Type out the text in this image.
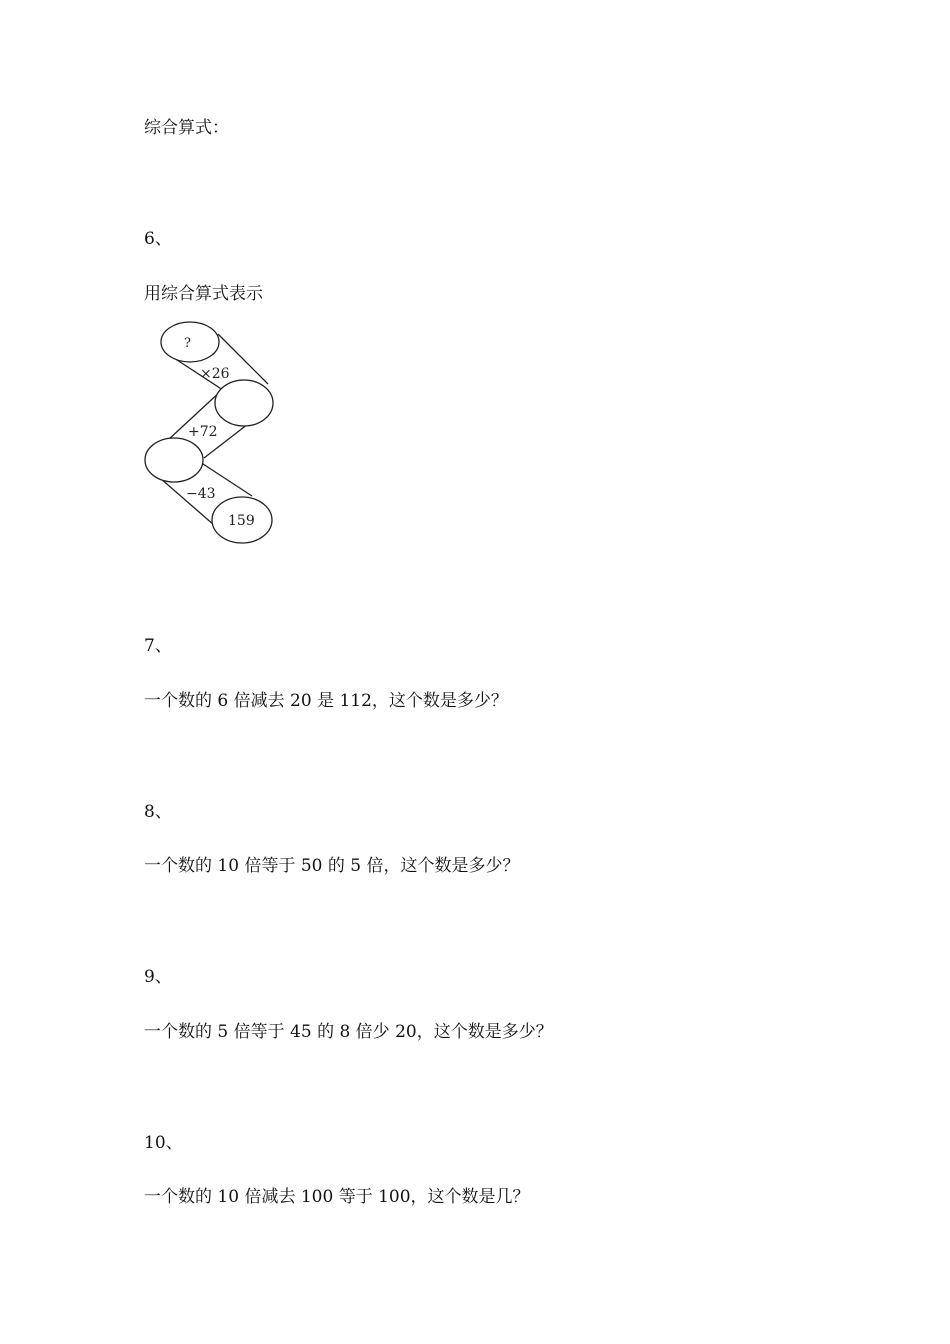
综合算式：
6、
用综合算式表示
?
×26
+72
−43
159
7、
一个数的 6 倍减去 20 是 112，这个数是多少？
8、
一个数的 10 倍等于 50 的 5 倍，这个数是多少？
9、
一个数的 5 倍等于 45 的 8 倍少 20，这个数是多少？
10、
一个数的 10 倍减去 100 等于 100，这个数是几？
